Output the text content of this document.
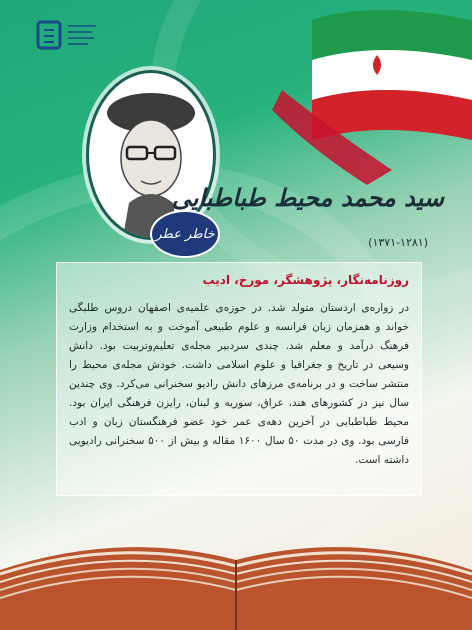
خاطر عطر
سید محمد محیط طباطبایی
(۱۳۷۱-۱۲۸۱)
روزنامه‌نگار، پژوهشگر، مورخ، ادیب
در زواره‌ی اردستان متولد شد. در حوزه‌ی علمیه‌ی اصفهان دروس طلبگی خواند و همزمان زبان فرانسه و علوم طبیعی آموخت و به استخدام وزارت فرهنگ درآمد و معلم شد. چندی سردبیر مجله‌ی تعلیم‌وتربیت بود. دانش وسیعی در تاریخ و جغرافیا و علوم اسلامی داشت. خودش مجله‌ی محیط را منتشر ساخت و در برنامه‌ی مرزهای دانش رادیو سخنرانی می‌کرد. وی چندین سال نیز در کشورهای هند، عراق، سوریه و لبنان، رایزن فرهنگی ایران بود. محیط طباطبایی در آخرین دهه‌ی عمر خود عضو فرهنگستان زبان و ادب فارسی بود. وی در مدت ۵۰ سال ۱۶۰۰ مقاله و بیش از ۵۰۰ سخنرانی رادیویی داشته است.
